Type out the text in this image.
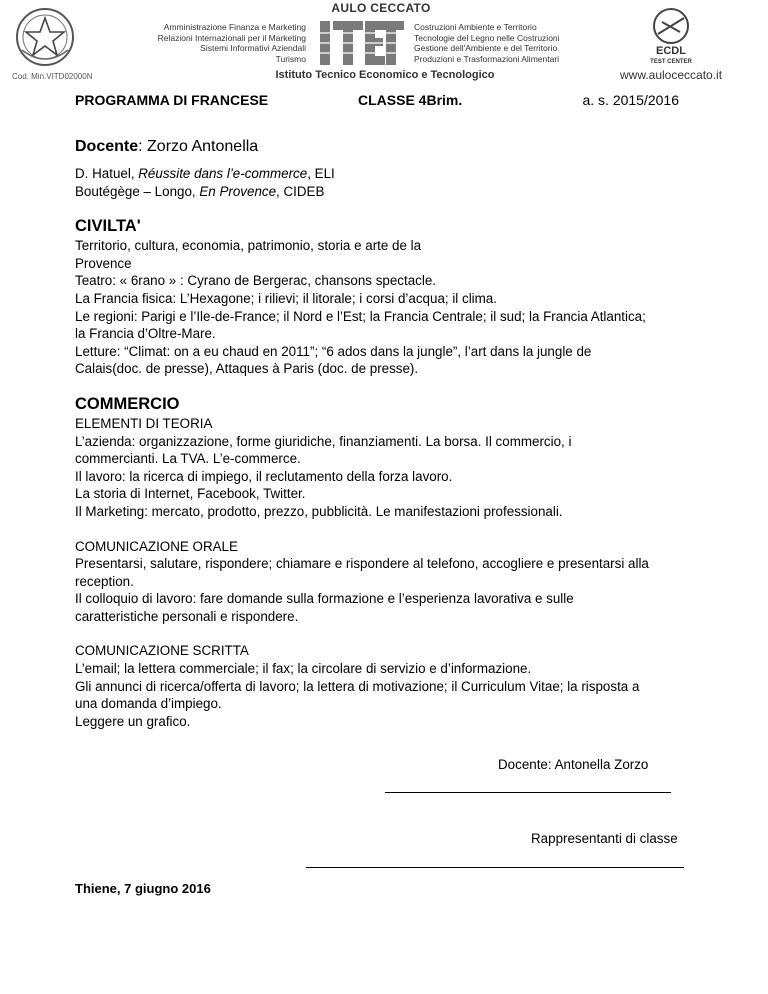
Cod. Min.VITD02000N
AULO CECCATO
Amministrazione Finanza e Marketing
Relazioni Internazionali per il Marketing
Sistemi Informativi Aziendali
Turismo
Costruzioni Ambiente e Territorio
Tecnologie del Legno nelle Costruzioni
Gestione dell'Ambiente e del Territorio
Produzioni e Trasformazioni Alimentari
Istituto Tecnico Economico e Tecnologico
ECDL
TEST CENTER
www.auloceccato.it
PROGRAMMA DI FRANCESE	CLASSE 4Brim.	a. s. 2015/2016
Docente: Zorzo Antonella

D. Hatuel, Réussite dans l’e-commerce, ELI

Boutégège – Longo, En Provence, CIDEB

CIVILTA'

Territorio, cultura, economia, patrimonio, storia e arte de la

Provence

Teatro: « 6rano » : Cyrano de Bergerac, chansons spectacle.

La Francia fisica: L’Hexagone; i rilievi; il litorale; i corsi d’acqua; il clima.

Le regioni: Parigi e l’Ile-de-France; il Nord e l’Est; la Francia Centrale; il sud; la Francia Atlantica;

la Francia d’Oltre-Mare.

Letture: “Climat: on a eu chaud en 2011”; “6 ados dans la jungle”, l’art dans la jungle de

Calais(doc. de presse), Attaques à Paris (doc. de presse).

COMMERCIO

ELEMENTI DI TEORIA

L’azienda: organizzazione, forme giuridiche, finanziamenti. La borsa. Il commercio, i

commercianti. La TVA. L’e-commerce.

Il lavoro: la ricerca di impiego, il reclutamento della forza lavoro.

La storia di Internet, Facebook, Twitter.

Il Marketing: mercato, prodotto, prezzo, pubblicità. Le manifestazioni professionali.

COMUNICAZIONE ORALE

Presentarsi, salutare, rispondere; chiamare e rispondere al telefono, accogliere e presentarsi alla

reception.

Il colloquio di lavoro: fare domande sulla formazione e l’esperienza lavorativa e sulle

caratteristiche personali e rispondere.

COMUNICAZIONE SCRITTA

L’email; la lettera commerciale; il fax; la circolare di servizio e d’informazione.

Gli annunci di ricerca/offerta di lavoro; la lettera di motivazione; il Curriculum Vitae; la risposta a

una domanda d’impiego.

Leggere un grafico.

Docente: Antonella Zorzo
Rappresentanti di classe
Thiene, 7 giugno 2016
